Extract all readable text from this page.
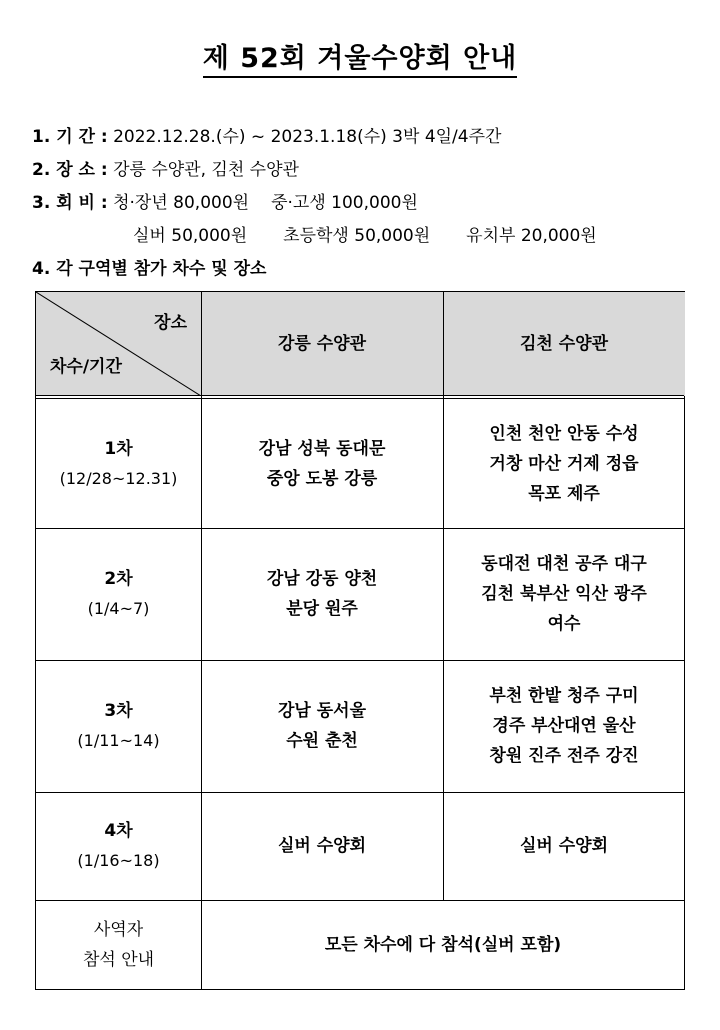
제 52회 겨울수양회 안내
1. 기 간 : 2022.12.28.(수) ~ 2023.1.18(수) 3박 4일/4주간
2. 장 소 : 강릉 수양관, 김천 수양관
3. 회 비 : 청·장년 80,000원 중·고생 100,000원
실버 50,000원 초등학생 50,000원 유치부 20,000원
4. 각 구역별 참가 차수 및 장소
장소
차수/기간
강릉 수양관	김천 수양관
1차
(12/28~12.31)
강남 성북 동대문
중앙 도봉 강릉
인천 천안 안동 수성
거창 마산 거제 정읍
목포 제주
2차
(1/4~7)
강남 강동 양천
분당 원주
동대전 대천 공주 대구
김천 북부산 익산 광주
여수
3차
(1/11~14)
강남 동서울
수원 춘천
부천 한밭 청주 구미
경주 부산대연 울산
창원 진주 전주 강진
4차
(1/16~18)
실버 수양회	실버 수양회
사역자
참석 안내
모든 차수에 다 참석(실버 포함)
